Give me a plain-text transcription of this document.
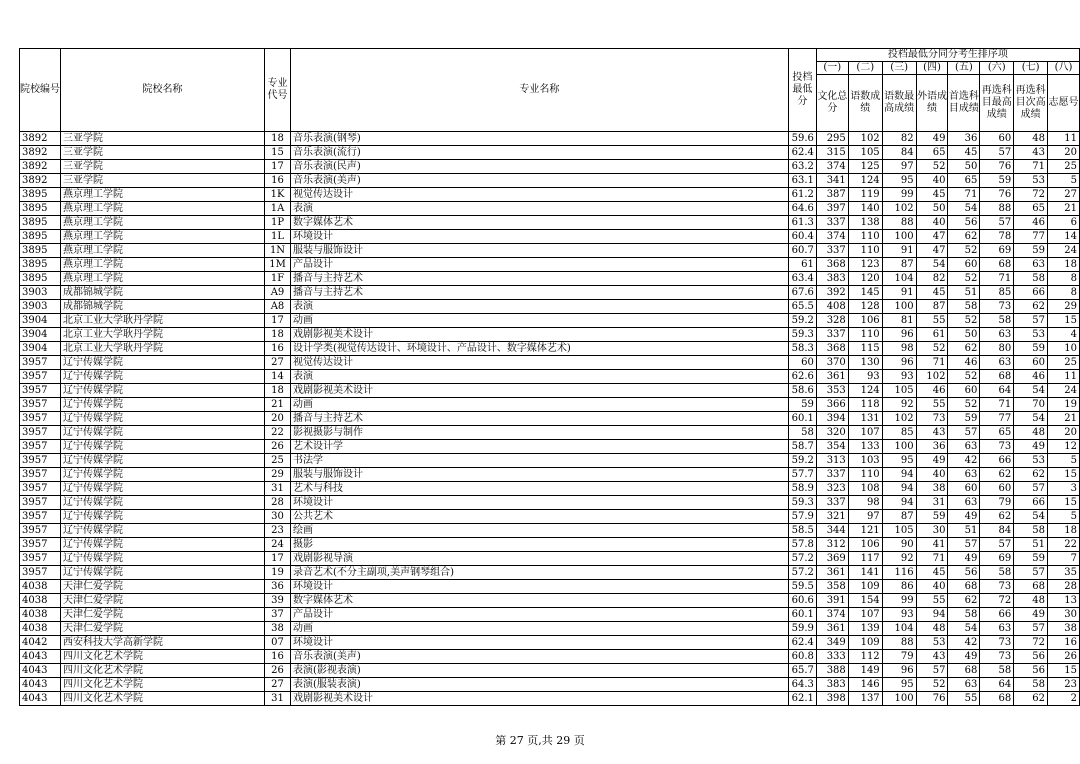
院校编号	院校名称	专业代号	专业名称	投档最低分	投档最低分同分考生排序项							
					(一)	(二)	(三)	(四)	(五)	(六)	(七)	(八)
					文化总分	语数成绩	语数最高成绩	外语成绩	首选科目成绩	再选科目最高成绩	再选科目次高成绩	志愿号
3892	三亚学院	18	音乐表演(钢琴)	59.6	295	102	82	49	36	60	48	11
3892	三亚学院	15	音乐表演(流行)	62.4	315	105	84	65	45	57	43	20
3892	三亚学院	17	音乐表演(民声)	63.2	374	125	97	52	50	76	71	25
3892	三亚学院	16	音乐表演(美声)	63.1	341	124	95	40	65	59	53	5
3895	燕京理工学院	1K	视觉传达设计	61.2	387	119	99	45	71	76	72	27
3895	燕京理工学院	1A	表演	64.6	397	140	102	50	54	88	65	21
3895	燕京理工学院	1P	数字媒体艺术	61.3	337	138	88	40	56	57	46	6
3895	燕京理工学院	1L	环境设计	60.4	374	110	100	47	62	78	77	14
3895	燕京理工学院	1N	服装与服饰设计	60.7	337	110	91	47	52	69	59	24
3895	燕京理工学院	1M	产品设计	61	368	123	87	54	60	68	63	18
3895	燕京理工学院	1F	播音与主持艺术	63.4	383	120	104	82	52	71	58	8
3903	成都锦城学院	A9	播音与主持艺术	67.6	392	145	91	45	51	85	66	8
3903	成都锦城学院	A8	表演	65.5	408	128	100	87	58	73	62	29
3904	北京工业大学耿丹学院	17	动画	59.2	328	106	81	55	52	58	57	15
3904	北京工业大学耿丹学院	18	戏剧影视美术设计	59.3	337	110	96	61	50	63	53	4
3904	北京工业大学耿丹学院	16	设计学类(视觉传达设计、环境设计、产品设计、数字媒体艺术)	58.3	368	115	98	52	62	80	59	10
3957	辽宁传媒学院	27	视觉传达设计	60	370	130	96	71	46	63	60	25
3957	辽宁传媒学院	14	表演	62.6	361	93	93	102	52	68	46	11
3957	辽宁传媒学院	18	戏剧影视美术设计	58.6	353	124	105	46	60	64	54	24
3957	辽宁传媒学院	21	动画	59	366	118	92	55	52	71	70	19
3957	辽宁传媒学院	20	播音与主持艺术	60.1	394	131	102	73	59	77	54	21
3957	辽宁传媒学院	22	影视摄影与制作	58	320	107	85	43	57	65	48	20
3957	辽宁传媒学院	26	艺术设计学	58.7	354	133	100	36	63	73	49	12
3957	辽宁传媒学院	25	书法学	59.2	313	103	95	49	42	66	53	5
3957	辽宁传媒学院	29	服装与服饰设计	57.7	337	110	94	40	63	62	62	15
3957	辽宁传媒学院	31	艺术与科技	58.9	323	108	94	38	60	60	57	3
3957	辽宁传媒学院	28	环境设计	59.3	337	98	94	31	63	79	66	15
3957	辽宁传媒学院	30	公共艺术	57.9	321	97	87	59	49	62	54	5
3957	辽宁传媒学院	23	绘画	58.5	344	121	105	30	51	84	58	18
3957	辽宁传媒学院	24	摄影	57.8	312	106	90	41	57	57	51	22
3957	辽宁传媒学院	17	戏剧影视导演	57.2	369	117	92	71	49	69	59	7
3957	辽宁传媒学院	19	录音艺术(不分主副项,美声钢琴组合)	57.2	361	141	116	45	56	58	57	35
4038	天津仁爱学院	36	环境设计	59.5	358	109	86	40	68	73	68	28
4038	天津仁爱学院	39	数字媒体艺术	60.6	391	154	99	55	62	72	48	13
4038	天津仁爱学院	37	产品设计	60.1	374	107	93	94	58	66	49	30
4038	天津仁爱学院	38	动画	59.9	361	139	104	48	54	63	57	38
4042	西安科技大学高新学院	07	环境设计	62.4	349	109	88	53	42	73	72	16
4043	四川文化艺术学院	16	音乐表演(美声)	60.8	333	112	79	43	49	73	56	26
4043	四川文化艺术学院	26	表演(影视表演)	65.7	388	149	96	57	68	58	56	15
4043	四川文化艺术学院	27	表演(服装表演)	64.3	383	146	95	52	63	64	58	23
4043	四川文化艺术学院	31	戏剧影视美术设计	62.1	398	137	100	76	55	68	62	2
第 27 页,共 29 页
